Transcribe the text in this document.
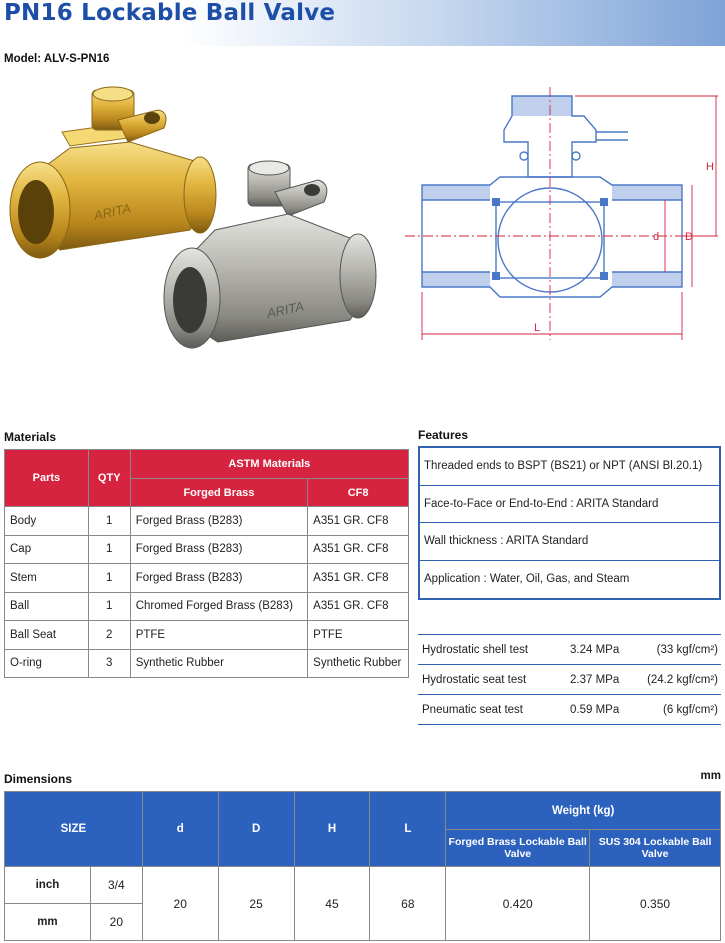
PN16 Lockable Ball Valve
Model: ALV-S-PN16
ARITA
ARITA
H
d D
L
Materials
Parts	QTY	ASTM Materials	
		Forged Brass	CF8
Body	1	Forged Brass (B283)	A351 GR. CF8
Cap	1	Forged Brass (B283)	A351 GR. CF8
Stem	1	Forged Brass (B283)	A351 GR. CF8
Ball	1	Chromed Forged Brass (B283)	A351 GR. CF8
Ball Seat	2	PTFE	PTFE
O-ring	3	Synthetic Rubber	Synthetic Rubber
Features
Threaded ends to BSPT (BS21) or NPT (ANSI Bl.20.1)
Face-to-Face or End-to-End : ARITA Standard
Wall thickness : ARITA Standard
Application : Water, Oil, Gas, and Steam
Hydrostatic shell test	3.24 MPa	(33 kgf/cm²)
Hydrostatic seat test	2.37 MPa	(24.2 kgf/cm²)
Pneumatic seat test	0.59 MPa	(6 kgf/cm²)
Dimensions	mm
SIZE		d	D	H	L	Weight (kg)	
						Forged Brass Lockable Ball Valve	SUS 304 Lockable Ball Valve
inch	3/4	20	25	45	68	0.420	0.350
mm	20						
